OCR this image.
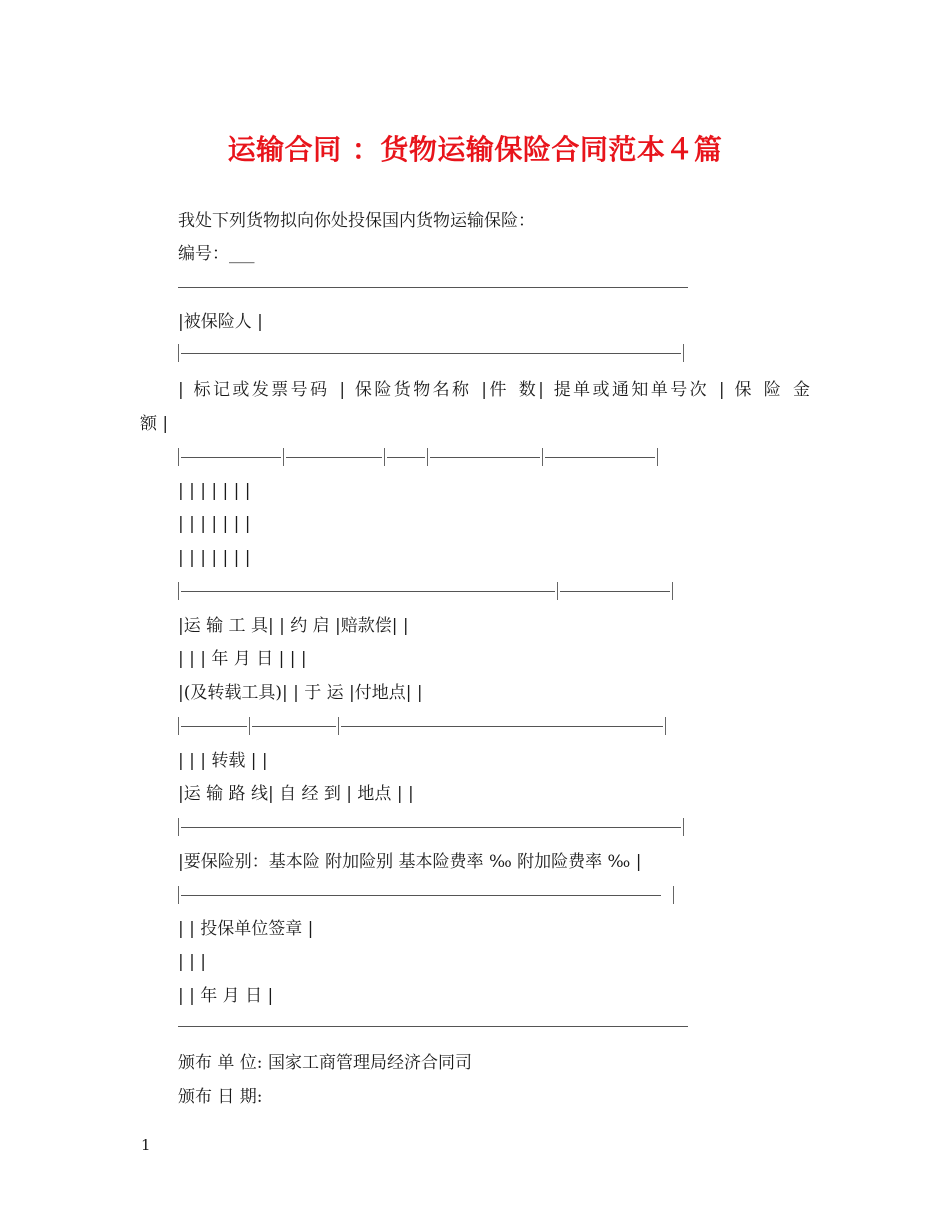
运输合同 ：货物运输保险合同范本４篇
我处下列货物拟向你处投保国内货物运输保险：
编号：___
|被保险人 |
| 标记或发票号码 | 保险货物名称 |件 数| 提单或通知单号次 | 保 险 金
额 |
| | | | | | |
| | | | | | |
| | | | | | |
|运 输 工 具| | 约 启 |赔款偿| |
| | | 年 月 日 | | |
|(及转载工具)| | 于 运 |付地点| |
| | | 转载 | |
|运 输 路 线| 自 经 到 | 地点 | |
|要保险别：基本险 附加险别 基本险费率 ‰ 附加险费率 ‰ |
| | 投保单位签章 |
| | |
| | 年 月 日 |
颁布 单 位: 国家工商管理局经济合同司
颁布 日 期:
1
